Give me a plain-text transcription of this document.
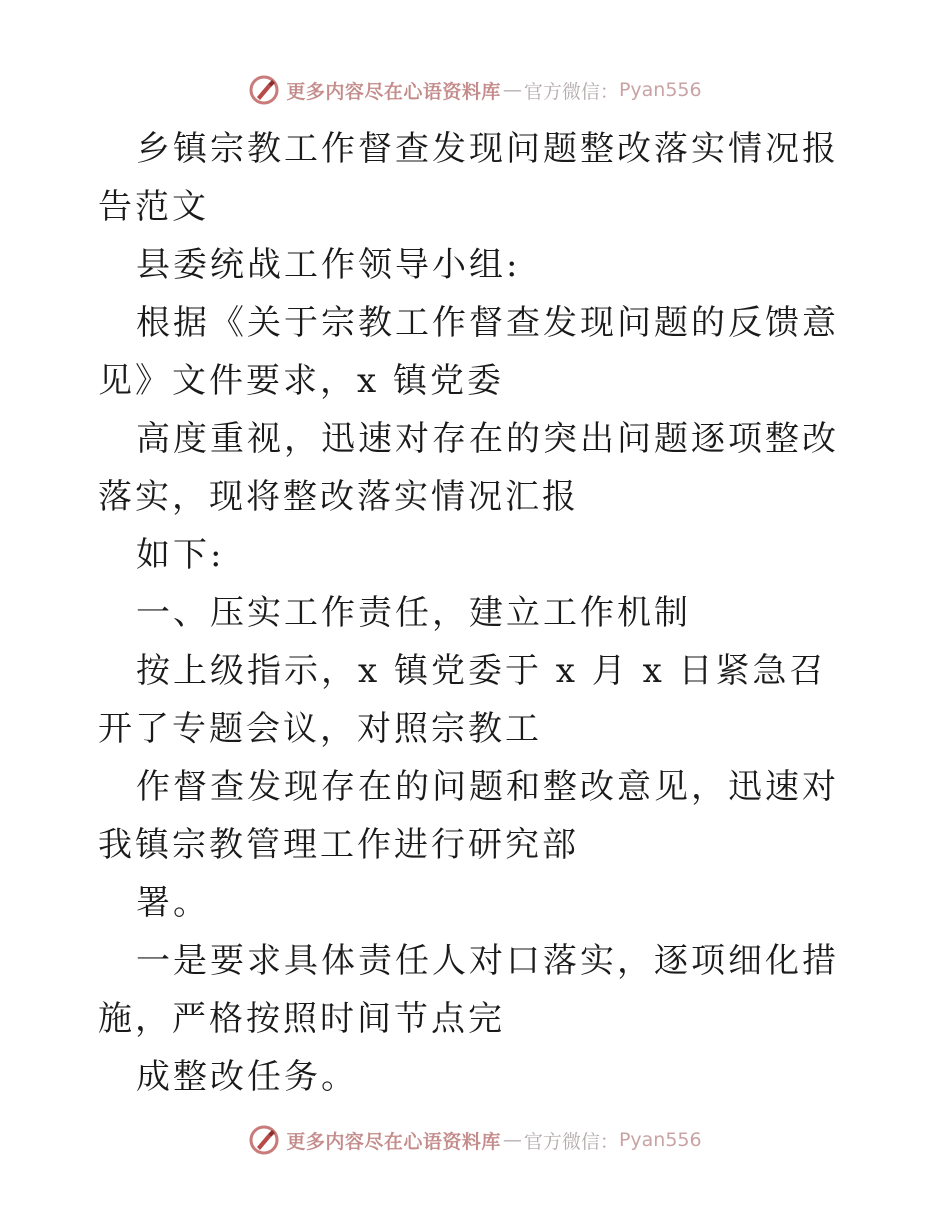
更多内容尽在心语资料库 — 官方微信： Pyan556

乡镇宗教工作督查发现问题整改落实情况报告范文

县委统战工作领导小组:

根据《关于宗教工作督查发现问题的反馈意见》文件要求，x 镇党委

高度重视，迅速对存在的突出问题逐项整改落实，现将整改落实情况汇报

如下:

一、压实工作责任，建立工作机制

按上级指示，x 镇党委于 x 月 x 日紧急召开了专题会议，对照宗教工

作督查发现存在的问题和整改意见，迅速对我镇宗教管理工作进行研究部

署。

一是要求具体责任人对口落实，逐项细化措施，严格按照时间节点完

成整改任务。

更多内容尽在心语资料库 — 官方微信： Pyan556
